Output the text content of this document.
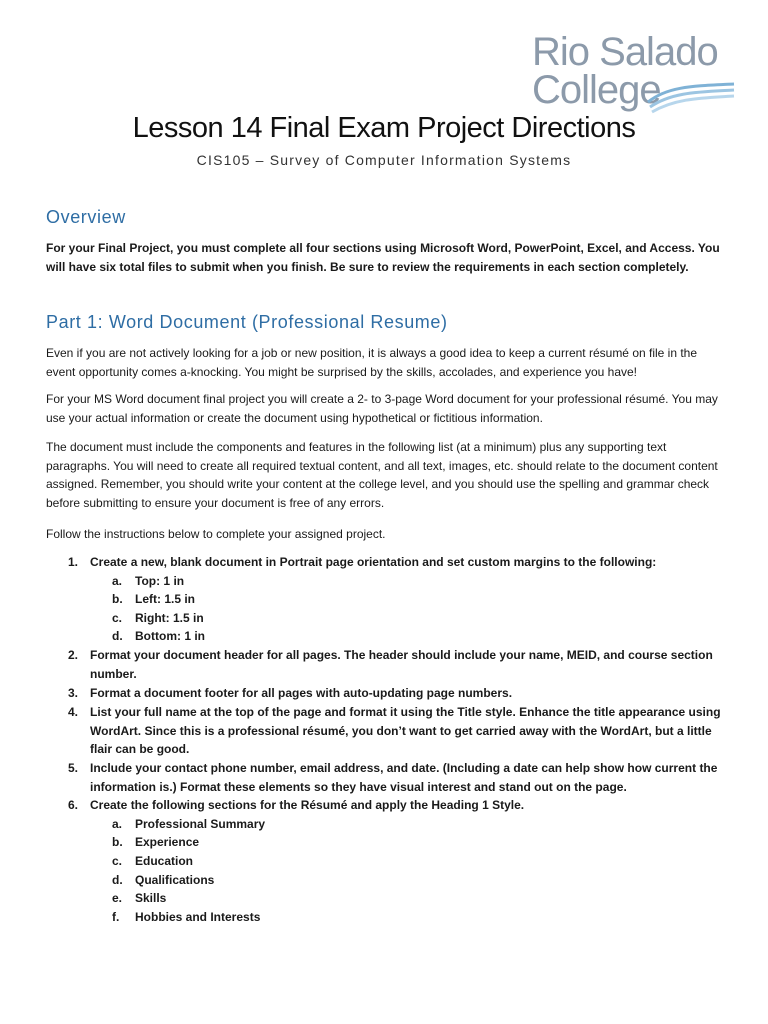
Rio Salado
College
Lesson 14 Final Exam Project Directions
CIS105 – Survey of Computer Information Systems
Overview
For your Final Project, you must complete all four sections using Microsoft Word, PowerPoint, Excel, and Access. You will have six total files to submit when you finish. Be sure to review the requirements in each section completely.
Part 1: Word Document (Professional Resume)
Even if you are not actively looking for a job or new position, it is always a good idea to keep a current résumé on file in the event opportunity comes a-knocking. You might be surprised by the skills, accolades, and experience you have!
For your MS Word document final project you will create a 2- to 3-page Word document for your professional résumé. You may use your actual information or create the document using hypothetical or fictitious information.
The document must include the components and features in the following list (at a minimum) plus any supporting text paragraphs. You will need to create all required textual content, and all text, images, etc. should relate to the document content assigned. Remember, you should write your content at the college level, and you should use the spelling and grammar check before submitting to ensure your document is free of any errors.
Follow the instructions below to complete your assigned project.
1. Create a new, blank document in Portrait page orientation and set custom margins to the following:
a. Top: 1 in
b. Left: 1.5 in
c. Right: 1.5 in
d. Bottom: 1 in
2. Format your document header for all pages. The header should include your name, MEID, and course section number.
3. Format a document footer for all pages with auto-updating page numbers.
4. List your full name at the top of the page and format it using the Title style. Enhance the title appearance using WordArt. Since this is a professional résumé, you don’t want to get carried away with the WordArt, but a little flair can be good.
5. Include your contact phone number, email address, and date. (Including a date can help show how current the information is.) Format these elements so they have visual interest and stand out on the page.
6. Create the following sections for the Résumé and apply the Heading 1 Style.
a. Professional Summary
b. Experience
c. Education
d. Qualifications
e. Skills
f. Hobbies and Interests
